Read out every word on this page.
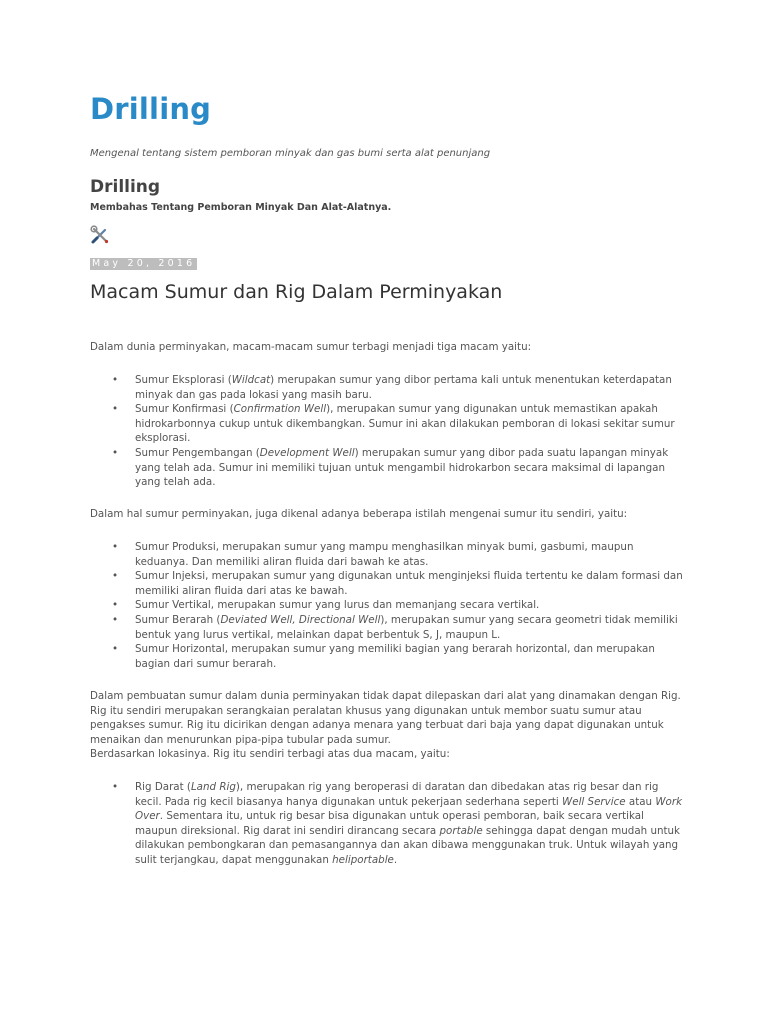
Drilling

Mengenal tentang sistem pemboran minyak dan gas bumi serta alat penunjang

Drilling

Membahas Tentang Pemboran Minyak Dan Alat-Alatnya.

May 20, 2016
Macam Sumur dan Rig Dalam Perminyakan

Dalam dunia perminyakan, macam-macam sumur terbagi menjadi tiga macam yaitu:

• Sumur Eksplorasi (Wildcat) merupakan sumur yang dibor pertama kali untuk menentukan keterdapatan minyak dan gas pada lokasi yang masih baru.
• Sumur Konfirmasi (Confirmation Well), merupakan sumur yang digunakan untuk memastikan apakah hidrokarbonnya cukup untuk dikembangkan. Sumur ini akan dilakukan pemboran di lokasi sekitar sumur eksplorasi.
• Sumur Pengembangan (Development Well) merupakan sumur yang dibor pada suatu lapangan minyak yang telah ada. Sumur ini memiliki tujuan untuk mengambil hidrokarbon secara maksimal di lapangan yang telah ada.

Dalam hal sumur perminyakan, juga dikenal adanya beberapa istilah mengenai sumur itu sendiri, yaitu:

• Sumur Produksi, merupakan sumur yang mampu menghasilkan minyak bumi, gasbumi, maupun keduanya. Dan memiliki aliran fluida dari bawah ke atas.
• Sumur Injeksi, merupakan sumur yang digunakan untuk menginjeksi fluida tertentu ke dalam formasi dan memiliki aliran fluida dari atas ke bawah.
• Sumur Vertikal, merupakan sumur yang lurus dan memanjang secara vertikal.
• Sumur Berarah (Deviated Well, Directional Well), merupakan sumur yang secara geometri tidak memiliki bentuk yang lurus vertikal, melainkan dapat berbentuk S, J, maupun L.
• Sumur Horizontal, merupakan sumur yang memiliki bagian yang berarah horizontal, dan merupakan bagian dari sumur berarah.

Dalam pembuatan sumur dalam dunia perminyakan tidak dapat dilepaskan dari alat yang dinamakan dengan Rig. Rig itu sendiri merupakan serangkaian peralatan khusus yang digunakan untuk membor suatu sumur atau pengakses sumur. Rig itu dicirikan dengan adanya menara yang terbuat dari baja yang dapat digunakan untuk menaikan dan menurunkan pipa-pipa tubular pada sumur.

Berdasarkan lokasinya. Rig itu sendiri terbagi atas dua macam, yaitu:

• Rig Darat (Land Rig), merupakan rig yang beroperasi di daratan dan dibedakan atas rig besar dan rig kecil. Pada rig kecil biasanya hanya digunakan untuk pekerjaan sederhana seperti Well Service atau Work Over. Sementara itu, untuk rig besar bisa digunakan untuk operasi pemboran, baik secara vertikal maupun direksional. Rig darat ini sendiri dirancang secara portable sehingga dapat dengan mudah untuk dilakukan pembongkaran dan pemasangannya dan akan dibawa menggunakan truk. Untuk wilayah yang sulit terjangkau, dapat menggunakan heliportable.
